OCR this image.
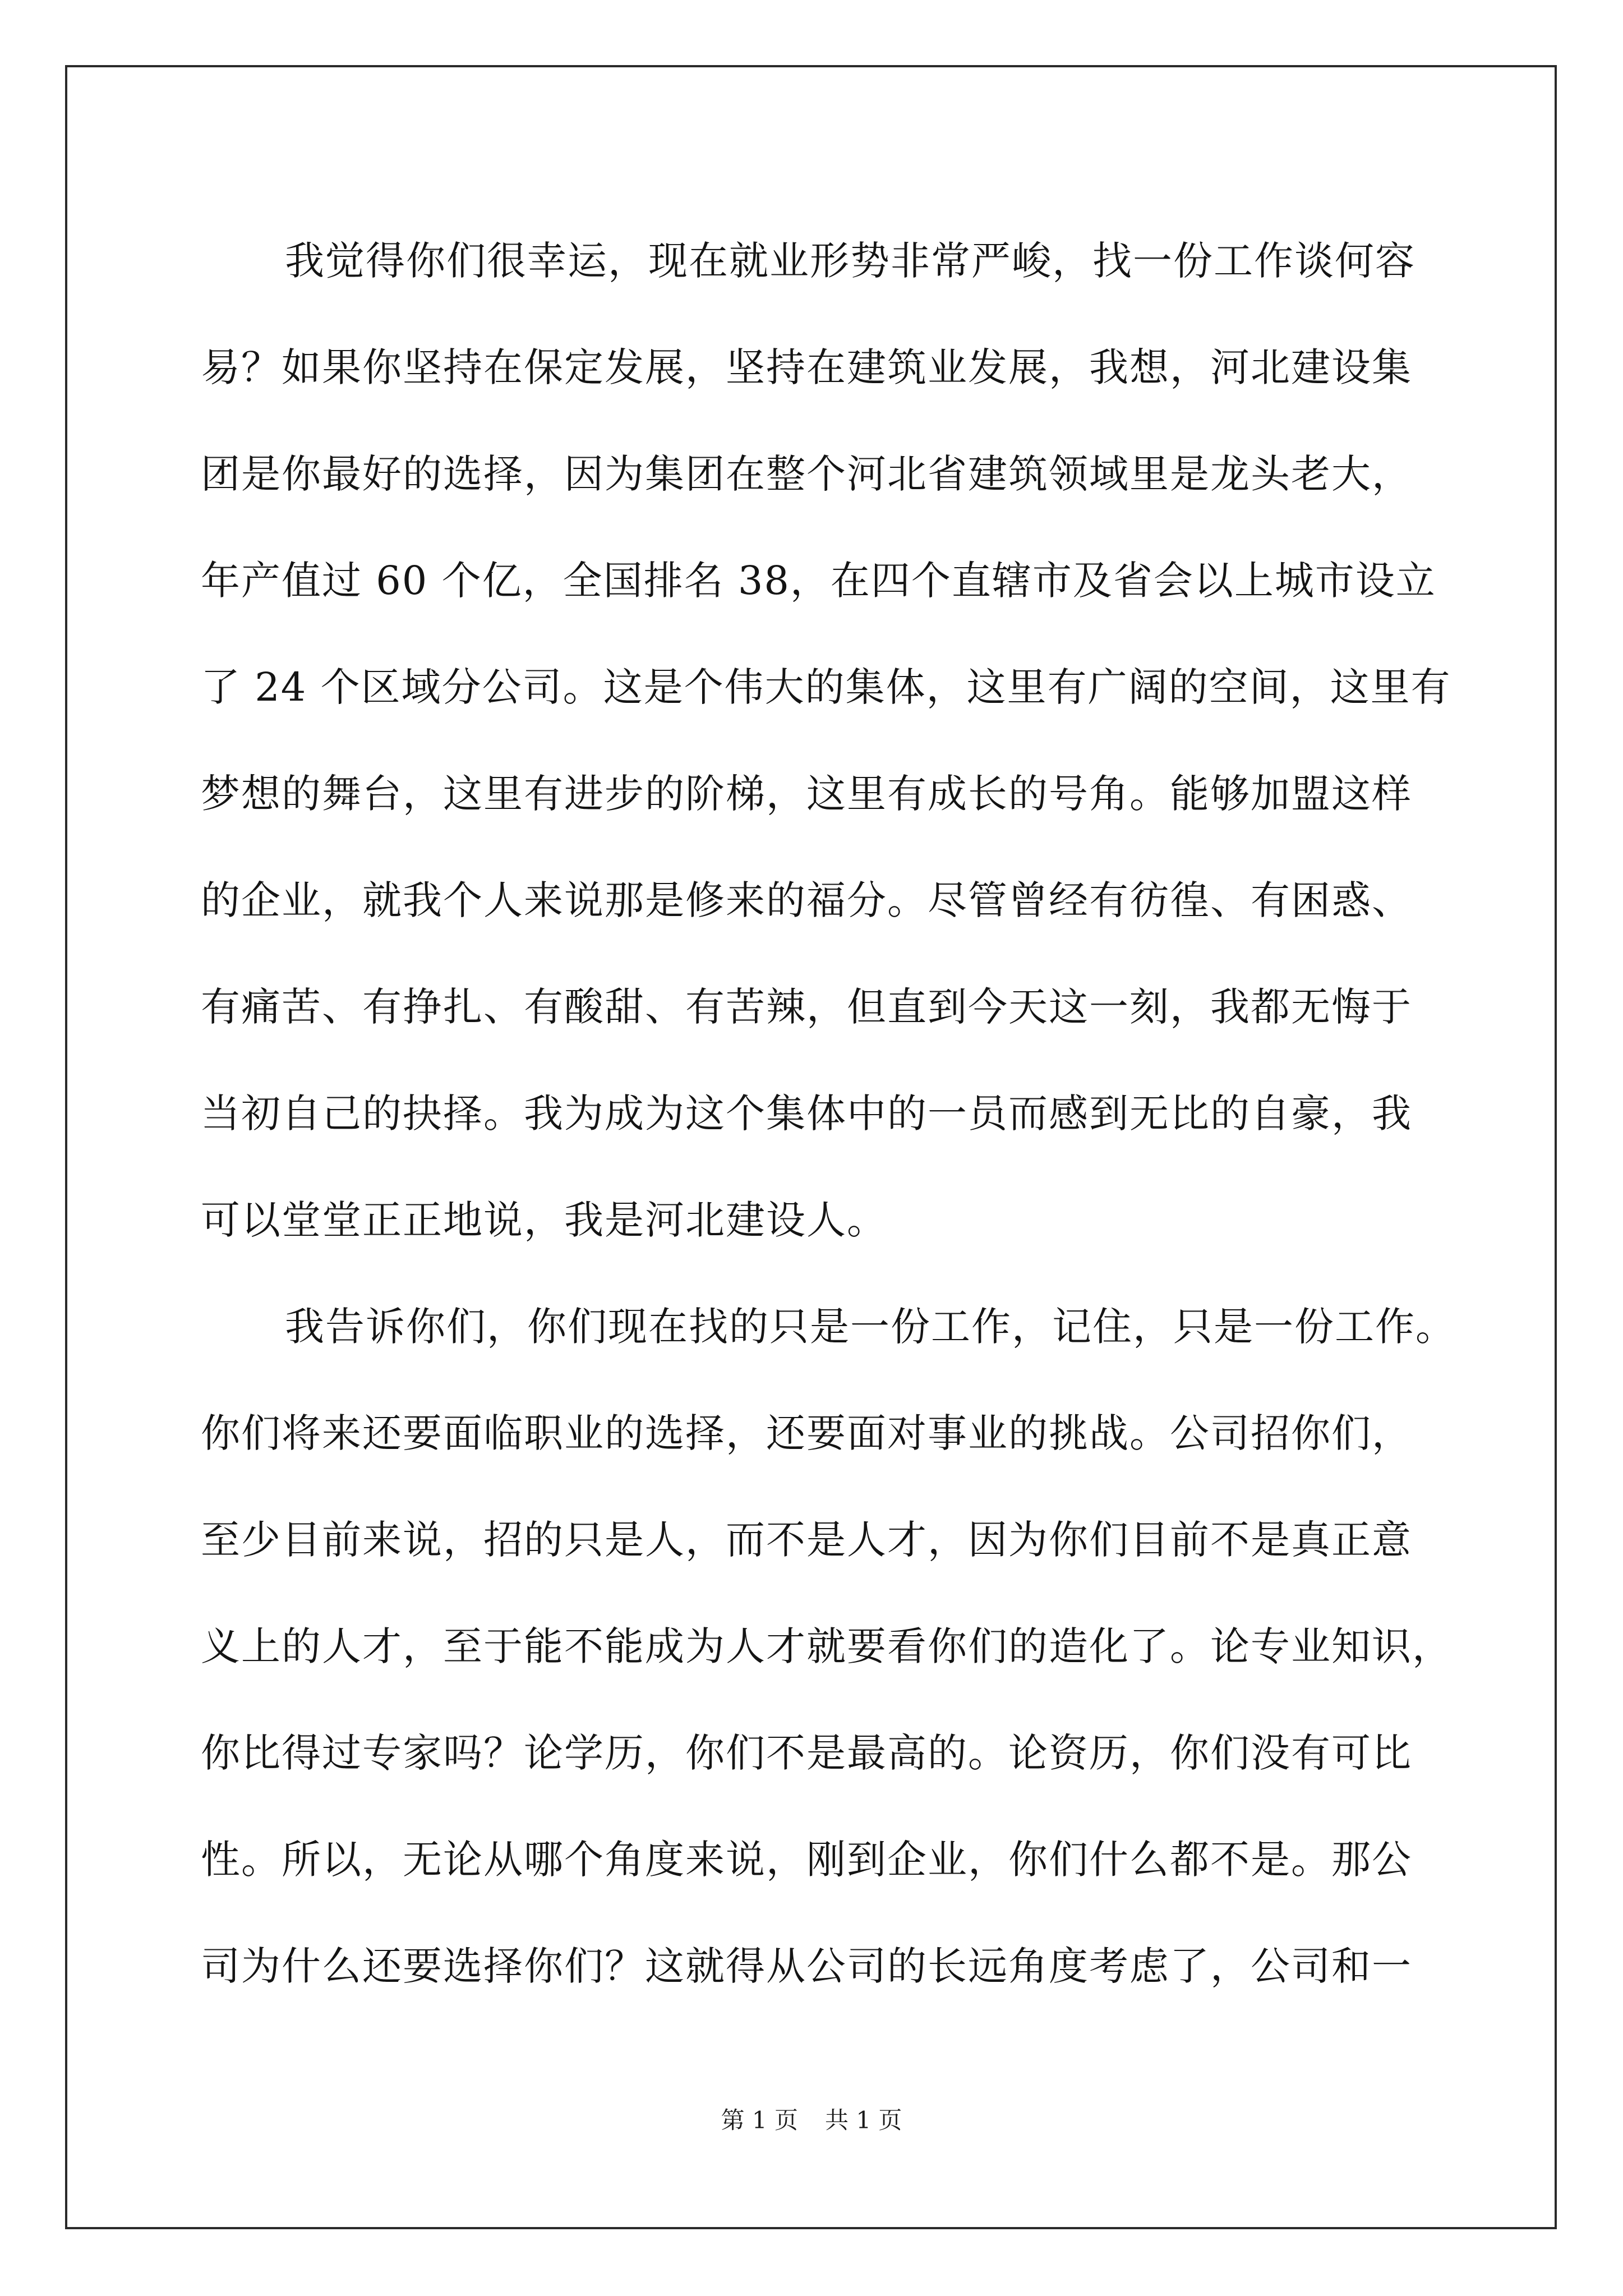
我觉得你们很幸运，现在就业形势非常严峻，找一份工作谈何容
易？如果你坚持在保定发展，坚持在建筑业发展，我想，河北建设集
团是你最好的选择，因为集团在整个河北省建筑领域里是龙头老大，
年产值过 60 个亿，全国排名 38，在四个直辖市及省会以上城市设立
了 24 个区域分公司。这是个伟大的集体，这里有广阔的空间，这里有
梦想的舞台，这里有进步的阶梯，这里有成长的号角。能够加盟这样
的企业，就我个人来说那是修来的福分。尽管曾经有彷徨、有困惑、
有痛苦、有挣扎、有酸甜、有苦辣，但直到今天这一刻，我都无悔于
当初自己的抉择。我为成为这个集体中的一员而感到无比的自豪，我
可以堂堂正正地说，我是河北建设人。
我告诉你们，你们现在找的只是一份工作，记住，只是一份工作。
你们将来还要面临职业的选择，还要面对事业的挑战。公司招你们，
至少目前来说，招的只是人，而不是人才，因为你们目前不是真正意
义上的人才，至于能不能成为人才就要看你们的造化了。论专业知识，
你比得过专家吗？论学历，你们不是最高的。论资历，你们没有可比
性。所以，无论从哪个角度来说，刚到企业，你们什么都不是。那公
司为什么还要选择你们？这就得从公司的长远角度考虑了，公司和一
第 1 页 共 1 页
